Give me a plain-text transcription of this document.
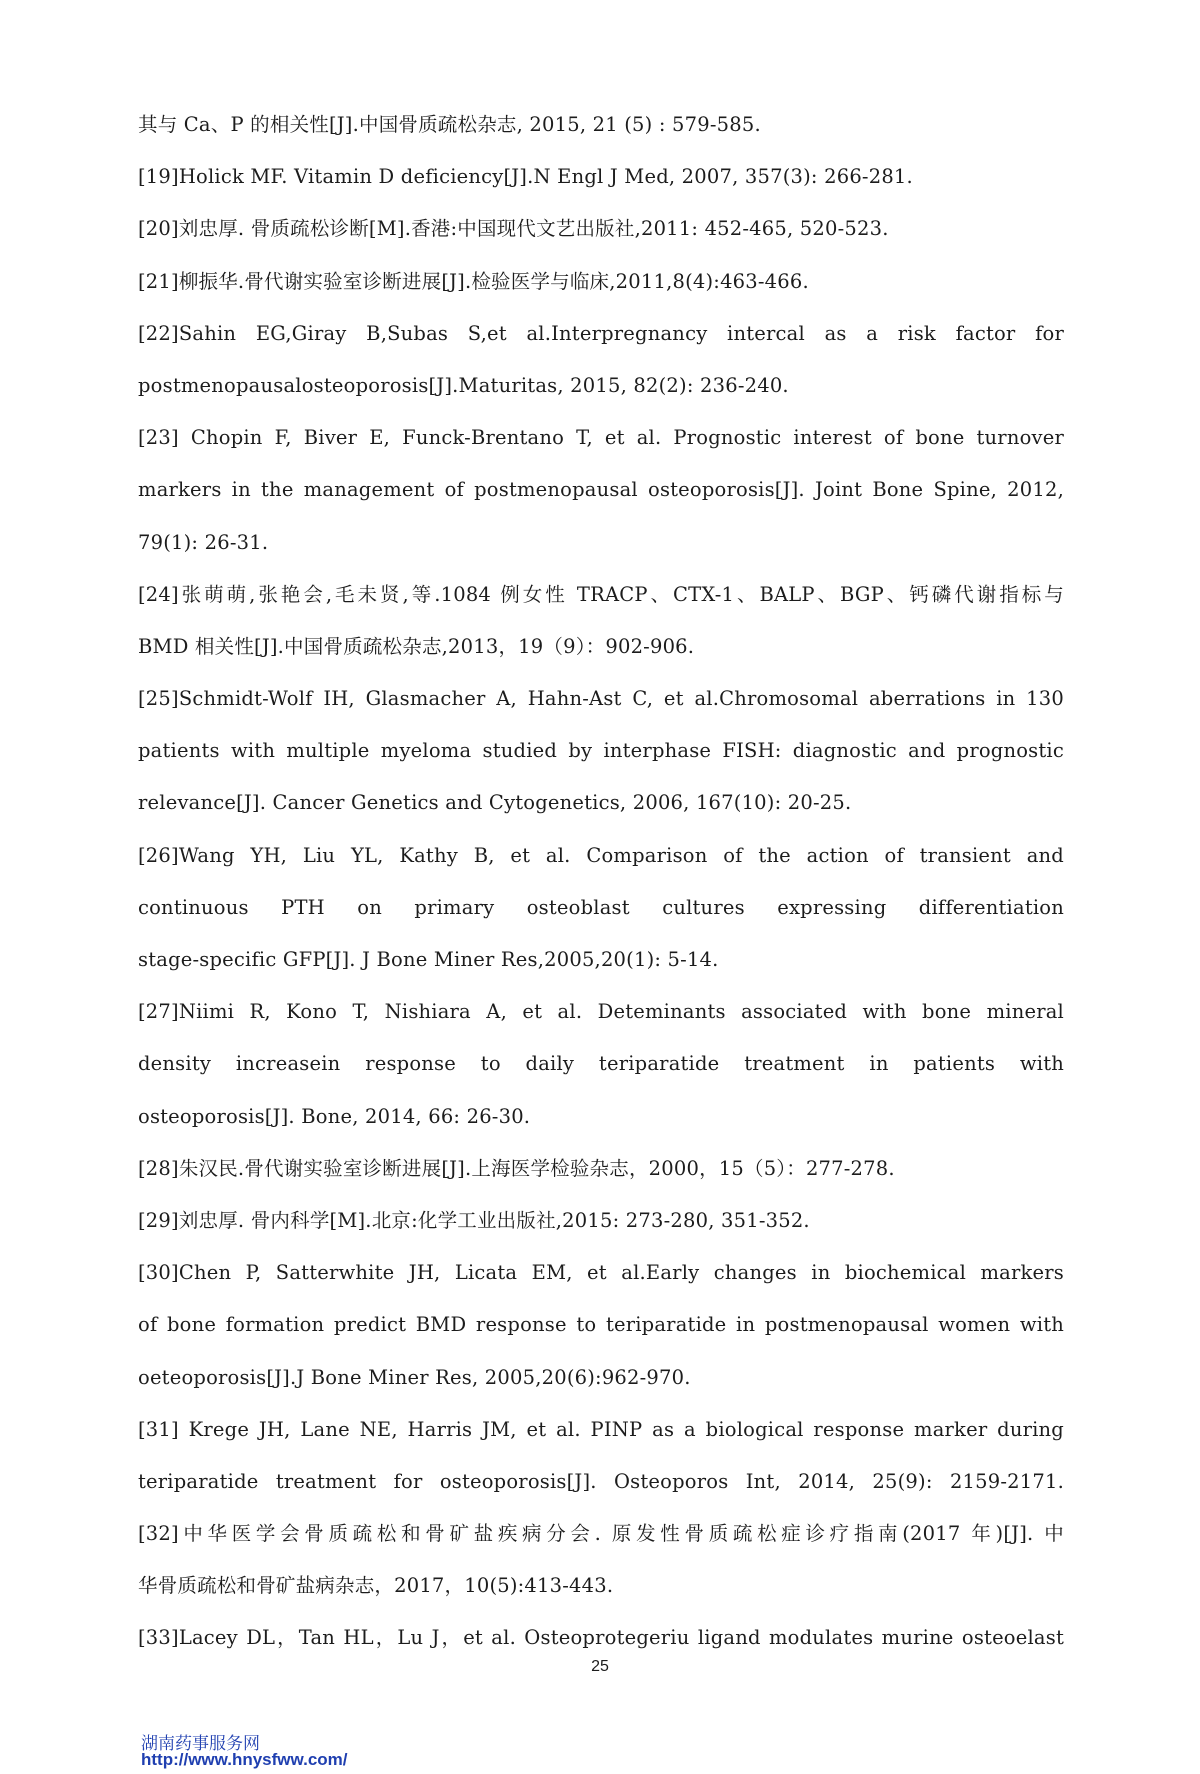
其与 Ca、P 的相关性[J].中国骨质疏松杂志, 2015, 21 (5) : 579-585.
[19]Holick MF. Vitamin D deficiency[J].N Engl J Med, 2007, 357(3): 266-281.
[20]刘忠厚. 骨质疏松诊断[M].香港:中国现代文艺出版社,2011: 452-465, 520-523.
[21]柳振华.骨代谢实验室诊断进展[J].检验医学与临床,2011,8(4):463-466.
[22]Sahin EG,Giray B,Subas S,et al.Interpregnancy intercal as a risk factor for
postmenopausalosteoporosis[J].Maturitas, 2015, 82(2): 236-240.
[23] Chopin F, Biver E, Funck-Brentano T, et al. Prognostic interest of bone turnover
markers in the management of postmenopausal osteoporosis[J]. Joint Bone Spine, 2012,
79(1): 26-31.
[24]张萌萌,张艳会,毛未贤,等.1084 例女性 TRACP、CTX-1、BALP、BGP、钙磷代谢指标与
BMD 相关性[J].中国骨质疏松杂志,2013，19（9）：902-906.
[25]Schmidt-Wolf IH, Glasmacher A, Hahn-Ast C, et al.Chromosomal aberrations in 130
patients with multiple myeloma studied by interphase FISH: diagnostic and prognostic
relevance[J]. Cancer Genetics and Cytogenetics, 2006, 167(10): 20-25.
[26]Wang YH, Liu YL, Kathy B, et al. Comparison of the action of transient and
continuous PTH on primary osteoblast cultures expressing differentiation
stage-specific GFP[J]. J Bone Miner Res,2005,20(1): 5-14.
[27]Niimi R, Kono T, Nishiara A, et al. Deteminants associated with bone mineral
density increasein response to daily teriparatide treatment in patients with
osteoporosis[J]. Bone, 2014, 66: 26-30.
[28]朱汉民.骨代谢实验室诊断进展[J].上海医学检验杂志，2000，15（5）：277-278.
[29]刘忠厚. 骨内科学[M].北京:化学工业出版社,2015: 273-280, 351-352.
[30]Chen P, Satterwhite JH, Licata EM, et al.Early changes in biochemical markers
of bone formation predict BMD response to teriparatide in postmenopausal women with
oeteoporosis[J].J Bone Miner Res, 2005,20(6):962-970.
[31] Krege JH, Lane NE, Harris JM, et al. PINP as a biological response marker during
teriparatide treatment for osteoporosis[J]. Osteoporos Int, 2014, 25(9): 2159-2171.
[32]中华医学会骨质疏松和骨矿盐疾病分会. 原发性骨质疏松症诊疗指南(2017 年)[J]. 中
华骨质疏松和骨矿盐病杂志，2017，10(5):413-443.
[33]Lacey DL，Tan HL，Lu J，et al. Osteoprotegeriu ligand modulates murine osteoelast
25
湖南药事服务网
http://www.hnysfww.com/
